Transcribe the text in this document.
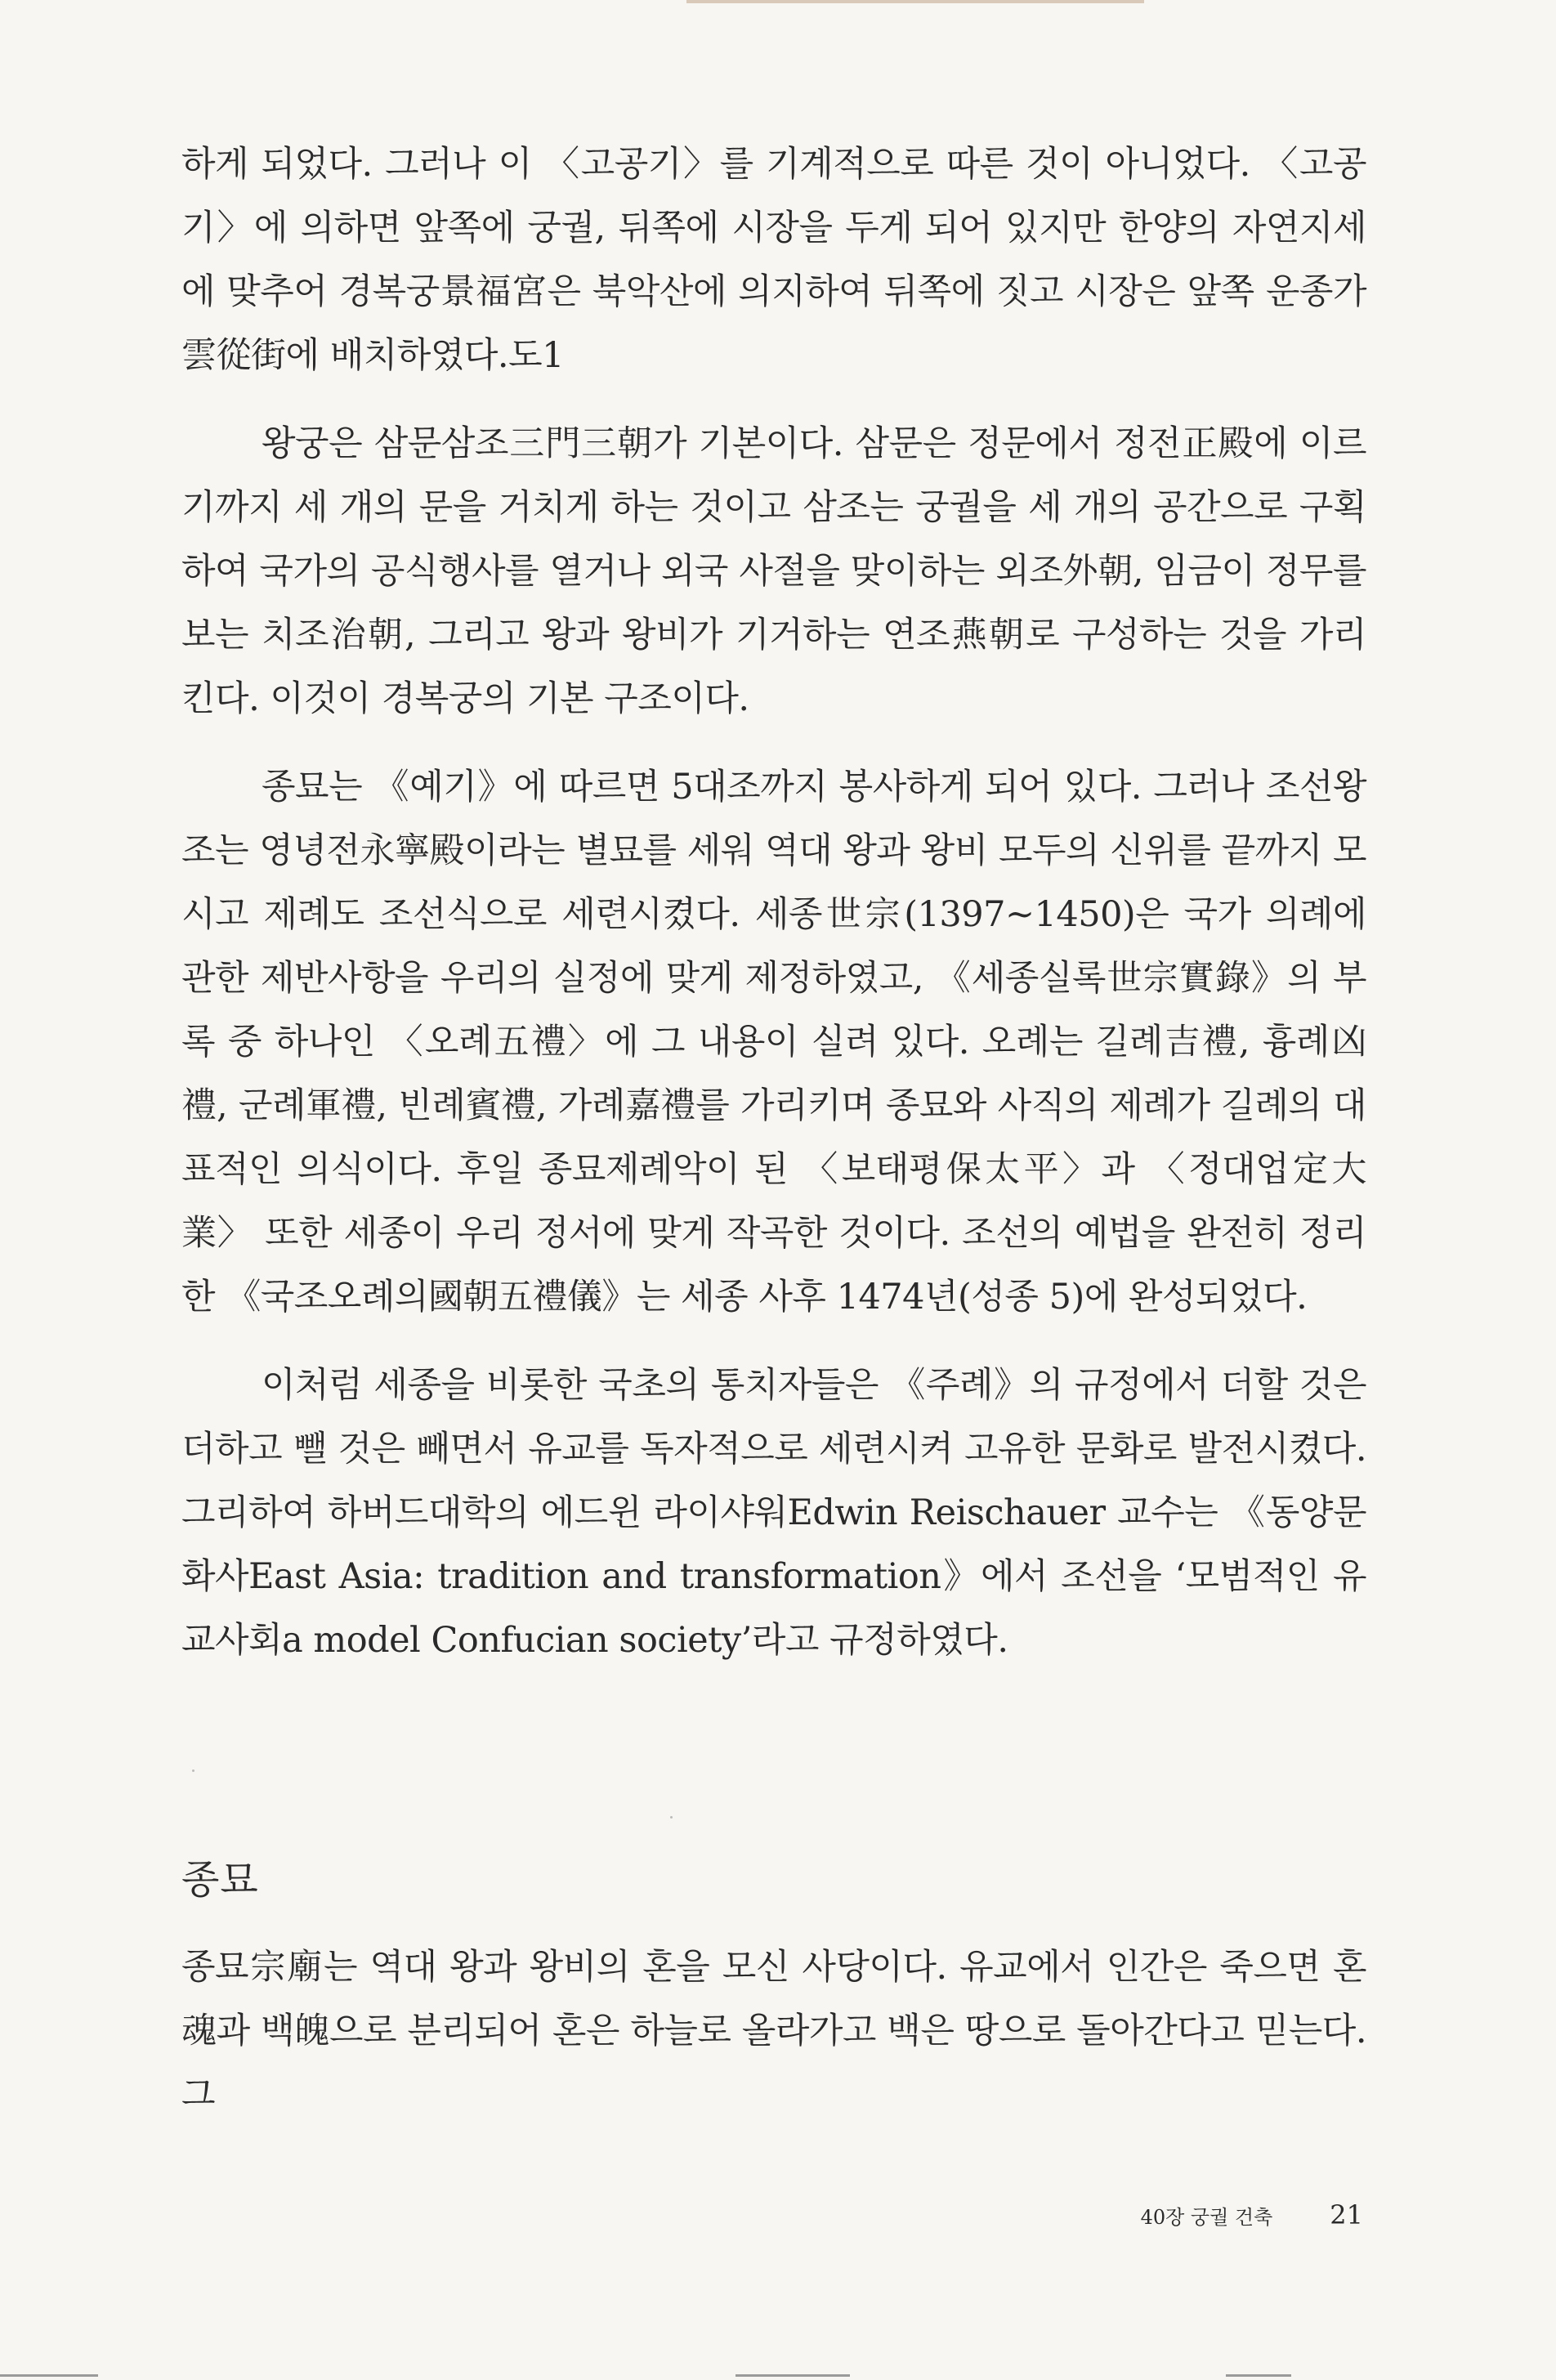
하게 되었다. 그러나 이 〈고공기〉를 기계적으로 따른 것이 아니었다. 〈고공기〉에 의하면 앞쪽에 궁궐, 뒤쪽에 시장을 두게 되어 있지만 한양의 자연지세에 맞추어 경복궁景福宮은 북악산에 의지하여 뒤쪽에 짓고 시장은 앞쪽 운종가雲從街에 배치하였다.도1

왕궁은 삼문삼조三門三朝가 기본이다. 삼문은 정문에서 정전正殿에 이르기까지 세 개의 문을 거치게 하는 것이고 삼조는 궁궐을 세 개의 공간으로 구획하여 국가의 공식행사를 열거나 외국 사절을 맞이하는 외조外朝, 임금이 정무를 보는 치조治朝, 그리고 왕과 왕비가 기거하는 연조燕朝로 구성하는 것을 가리킨다. 이것이 경복궁의 기본 구조이다.

종묘는 《예기》에 따르면 5대조까지 봉사하게 되어 있다. 그러나 조선왕조는 영녕전永寧殿이라는 별묘를 세워 역대 왕과 왕비 모두의 신위를 끝까지 모시고 제례도 조선식으로 세련시켰다. 세종世宗(1397~1450)은 국가 의례에 관한 제반사항을 우리의 실정에 맞게 제정하였고, 《세종실록世宗實錄》의 부록 중 하나인 〈오례五禮〉에 그 내용이 실려 있다. 오례는 길례吉禮, 흉례凶禮, 군례軍禮, 빈례賓禮, 가례嘉禮를 가리키며 종묘와 사직의 제례가 길례의 대표적인 의식이다. 후일 종묘제례악이 된 〈보태평保太平〉과 〈정대업定大業〉 또한 세종이 우리 정서에 맞게 작곡한 것이다. 조선의 예법을 완전히 정리한 《국조오례의國朝五禮儀》는 세종 사후 1474년(성종 5)에 완성되었다.

이처럼 세종을 비롯한 국초의 통치자들은 《주례》의 규정에서 더할 것은 더하고 뺄 것은 빼면서 유교를 독자적으로 세련시켜 고유한 문화로 발전시켰다. 그리하여 하버드대학의 에드윈 라이샤워Edwin Reischauer 교수는 《동양문화사East Asia: tradition and transformation》에서 조선을 ‘모범적인 유교사회a model Confucian society’라고 규정하였다.

종묘

종묘宗廟는 역대 왕과 왕비의 혼을 모신 사당이다. 유교에서 인간은 죽으면 혼魂과 백魄으로 분리되어 혼은 하늘로 올라가고 백은 땅으로 돌아간다고 믿는다. 그

40장 궁궐 건축 21
